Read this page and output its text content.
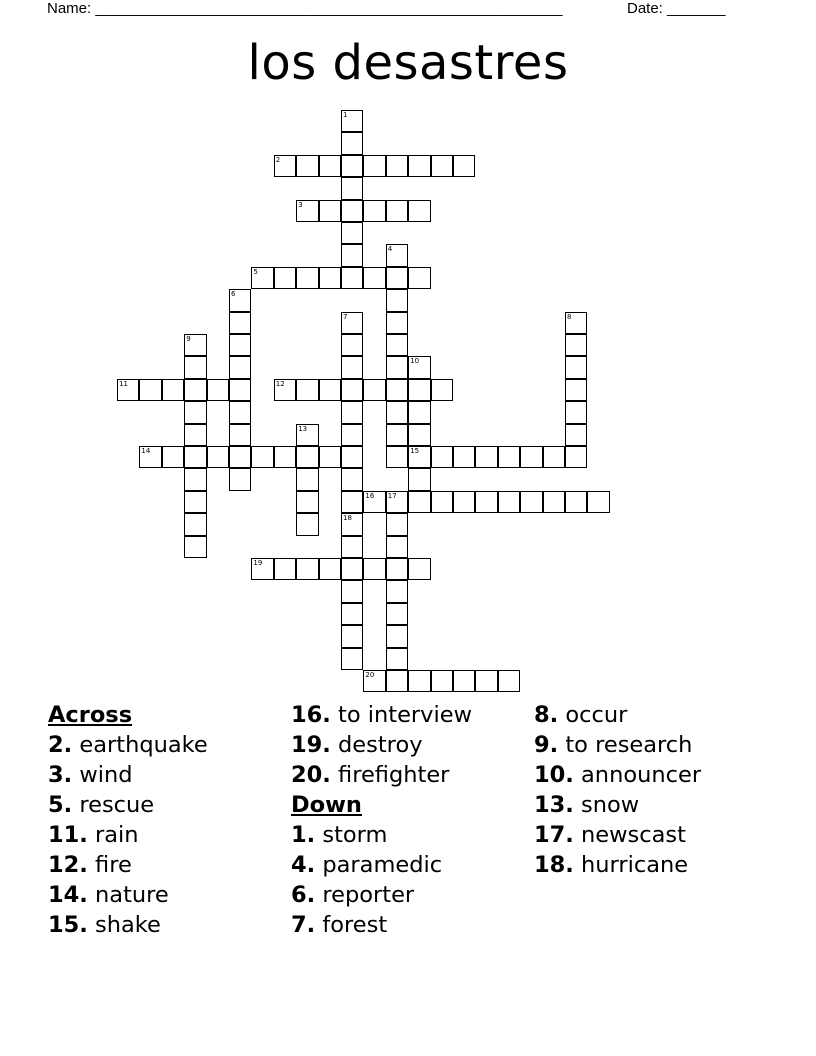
Name: ________________________________________________________	Date: _______
los desastres
1
2
3
4
5
6
7	8
9
10
11	12
13
14	15
16 17
18
19
20
Across
2. earthquake
3. wind
5. rescue
11. rain
12. fire
14. nature
15. shake
16. to interview
19. destroy
20. firefighter
Down
1. storm
4. paramedic
6. reporter
7. forest
8. occur
9. to research
10. announcer
13. snow
17. newscast
18. hurricane
